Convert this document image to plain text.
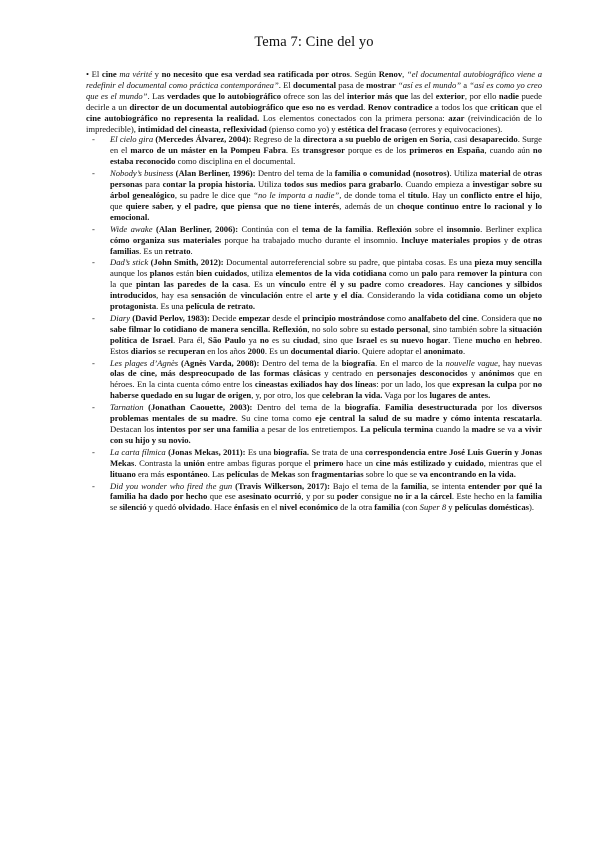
Tema 7: Cine del yo

• El cine ma vérité y no necesito que esa verdad sea ratificada por otros. Según Renov, “el documental autobiográfico viene a redefinir el documental como práctica contemporánea”. El documental pasa de mostrar “así es el mundo” a “así es como yo creo que es el mundo”. Las verdades que lo autobiográfico ofrece son las del interior más que las del exterior, por ello nadie puede decirle a un director de un documental autobiográfico que eso no es verdad. Renov contradice a todos los que critican que el cine autobiográfico no representa la realidad. Los elementos conectados con la primera persona: azar (reivindicación de lo impredecible), intimidad del cineasta, reflexividad (pienso como yo) y estética del fracaso (errores y equivocaciones).

- El cielo gira (Mercedes Álvarez, 2004): Regreso de la directora a su pueblo de origen en Soria, casi desaparecido. Surge en el marco de un máster en la Pompeu Fabra. Es transgresor porque es de los primeros en España, cuando aún no estaba reconocido como disciplina en el documental.
- Nobody’s business (Alan Berliner, 1996): Dentro del tema de la familia o comunidad (nosotros). Utiliza material de otras personas para contar la propia historia. Utiliza todos sus medios para grabarlo. Cuando empieza a investigar sobre su árbol genealógico, su padre le dice que “no le importa a nadie”, de donde toma el título. Hay un conflicto entre el hijo, que quiere saber, y el padre, que piensa que no tiene interés, además de un choque continuo entre lo racional y lo emocional.
- Wide awake (Alan Berliner, 2006): Continúa con el tema de la familia. Reflexión sobre el insomnio. Berliner explica cómo organiza sus materiales porque ha trabajado mucho durante el insomnio. Incluye materiales propios y de otras familias. Es un retrato.
- Dad’s stick (John Smith, 2012): Documental autorreferencial sobre su padre, que pintaba cosas. Es una pieza muy sencilla aunque los planos están bien cuidados, utiliza elementos de la vida cotidiana como un palo para remover la pintura con la que pintan las paredes de la casa. Es un vínculo entre él y su padre como creadores. Hay canciones y silbidos introducidos, hay esa sensación de vinculación entre el arte y el día. Considerando la vida cotidiana como un objeto protagonista. Es una película de retrato.
- Diary (David Perlov, 1983): Decide empezar desde el principio mostrándose como analfabeto del cine. Considera que no sabe filmar lo cotidiano de manera sencilla. Reflexión, no solo sobre su estado personal, sino también sobre la situación política de Israel. Para él, São Paulo ya no es su ciudad, sino que Israel es su nuevo hogar. Tiene mucho en hebreo. Estos diarios se recuperan en los años 2000. Es un documental diario. Quiere adoptar el anonimato.
- Les plages d’Agnès (Agnès Varda, 2008): Dentro del tema de la biografía. En el marco de la nouvelle vague, hay nuevas olas de cine, más despreocupado de las formas clásicas y centrado en personajes desconocidos y anónimos que en héroes. En la cinta cuenta cómo entre los cineastas exiliados hay dos líneas: por un lado, los que expresan la culpa por no haberse quedado en su lugar de origen, y, por otro, los que celebran la vida. Vaga por los lugares de antes.
- Tarnation (Jonathan Caouette, 2003): Dentro del tema de la biografía. Familia desestructurada por los diversos problemas mentales de su madre. Su cine toma como eje central la salud de su madre y cómo intenta rescatarla. Destacan los intentos por ser una familia a pesar de los entretiempos. La película termina cuando la madre se va a vivir con su hijo y su novio.
- La carta fílmica (Jonas Mekas, 2011): Es una biografía. Se trata de una correspondencia entre José Luis Guerín y Jonas Mekas. Contrasta la unión entre ambas figuras porque el primero hace un cine más estilizado y cuidado, mientras que el lituano era más espontáneo. Las películas de Mekas son fragmentarias sobre lo que se va encontrando en la vida.
- Did you wonder who fired the gun (Travis Wilkerson, 2017): Bajo el tema de la familia, se intenta entender por qué la familia ha dado por hecho que ese asesinato ocurrió, y por su poder consigue no ir a la cárcel. Este hecho en la familia se silenció y quedó olvidado. Hace énfasis en el nivel económico de la otra familia (con Super 8 y películas domésticas).
